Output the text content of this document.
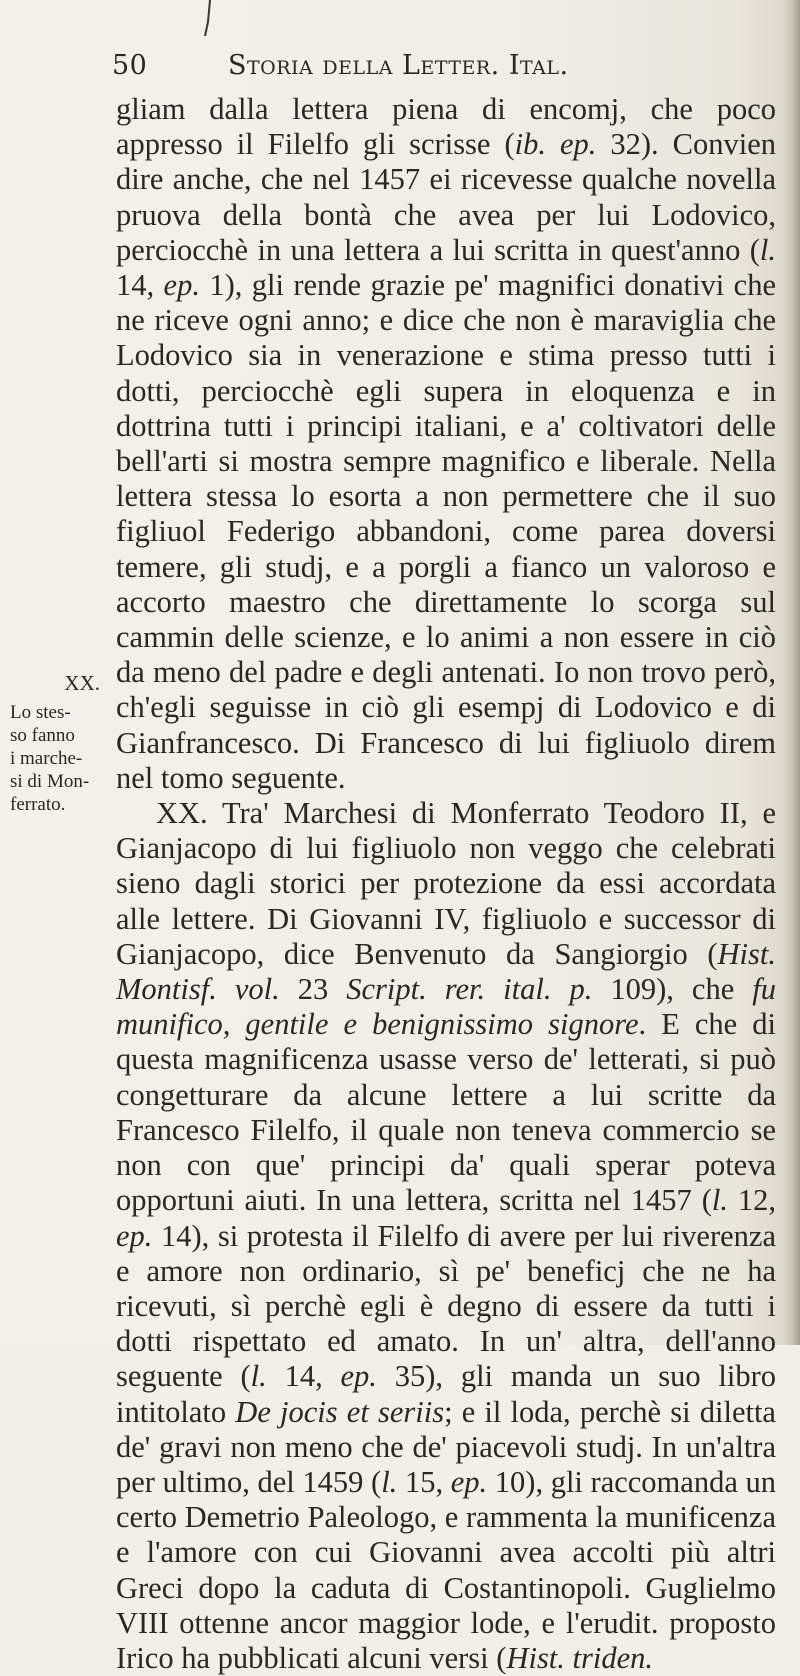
50	Storia della Letter. Ital.
XX.
Lo stes-
so fanno
i marche-
si di Mon-
ferrato.

gliam dalla lettera piena di encomj, che poco appresso il Filelfo gli scrisse (ib. ep. 32). Convien dire anche, che nel 1457 ei ricevesse qualche novella pruova della bontà che avea per lui Lodovico, perciocchè in una lettera a lui scritta in quest'anno (l. 14, ep. 1), gli rende grazie pe' magnifici donativi che ne riceve ogni anno; e dice che non è maraviglia che Lodovico sia in venerazione e stima presso tutti i dotti, perciocchè egli supera in eloquenza e in dottrina tutti i principi italiani, e a' coltivatori delle bell'arti si mostra sempre magnifico e liberale. Nella lettera stessa lo esorta a non permettere che il suo figliuol Federigo abbandoni, come parea doversi temere, gli studj, e a porgli a fianco un valoroso e accorto maestro che direttamente lo scorga sul cammin delle scienze, e lo animi a non essere in ciò da meno del padre e degli antenati. Io non trovo però, ch'egli seguisse in ciò gli esempj di Lodovico e di Gianfrancesco. Di Francesco di lui figliuolo direm nel tomo seguente.

XX. Tra' Marchesi di Monferrato Teodoro II, e Gianjacopo di lui figliuolo non veggo che celebrati sieno dagli storici per protezione da essi accordata alle lettere. Di Giovanni IV, figliuolo e successor di Gianjacopo, dice Benvenuto da Sangiorgio (Hist. Montisf. vol. 23 Script. rer. ital. p. 109), che fu munifico, gentile e benignissimo signore. E che di questa magnificenza usasse verso de' letterati, si può congetturare da alcune lettere a lui scritte da Francesco Filelfo, il quale non teneva commercio se non con que' principi da' quali sperar poteva opportuni aiuti. In una lettera, scritta nel 1457 (l. 12, ep. 14), si protesta il Filelfo di avere per lui riverenza e amore non ordinario, sì pe' beneficj che ne ha ricevuti, sì perchè egli è degno di essere da tutti i dotti rispettato ed amato. In un' altra, dell'anno seguente (l. 14, ep. 35), gli manda un suo libro intitolato De jocis et seriis; e il loda, perchè si diletta de' gravi non meno che de' piacevoli studj. In un'altra per ultimo, del 1459 (l. 15, ep. 10), gli raccomanda un certo Demetrio Paleologo, e rammenta la munificenza e l'amore con cui Giovanni avea accolti più altri Greci dopo la caduta di Costantinopoli. Guglielmo VIII ottenne ancor maggior lode, e l'erudit. proposto Irico ha pubblicati alcuni versi (Hist. triden.
